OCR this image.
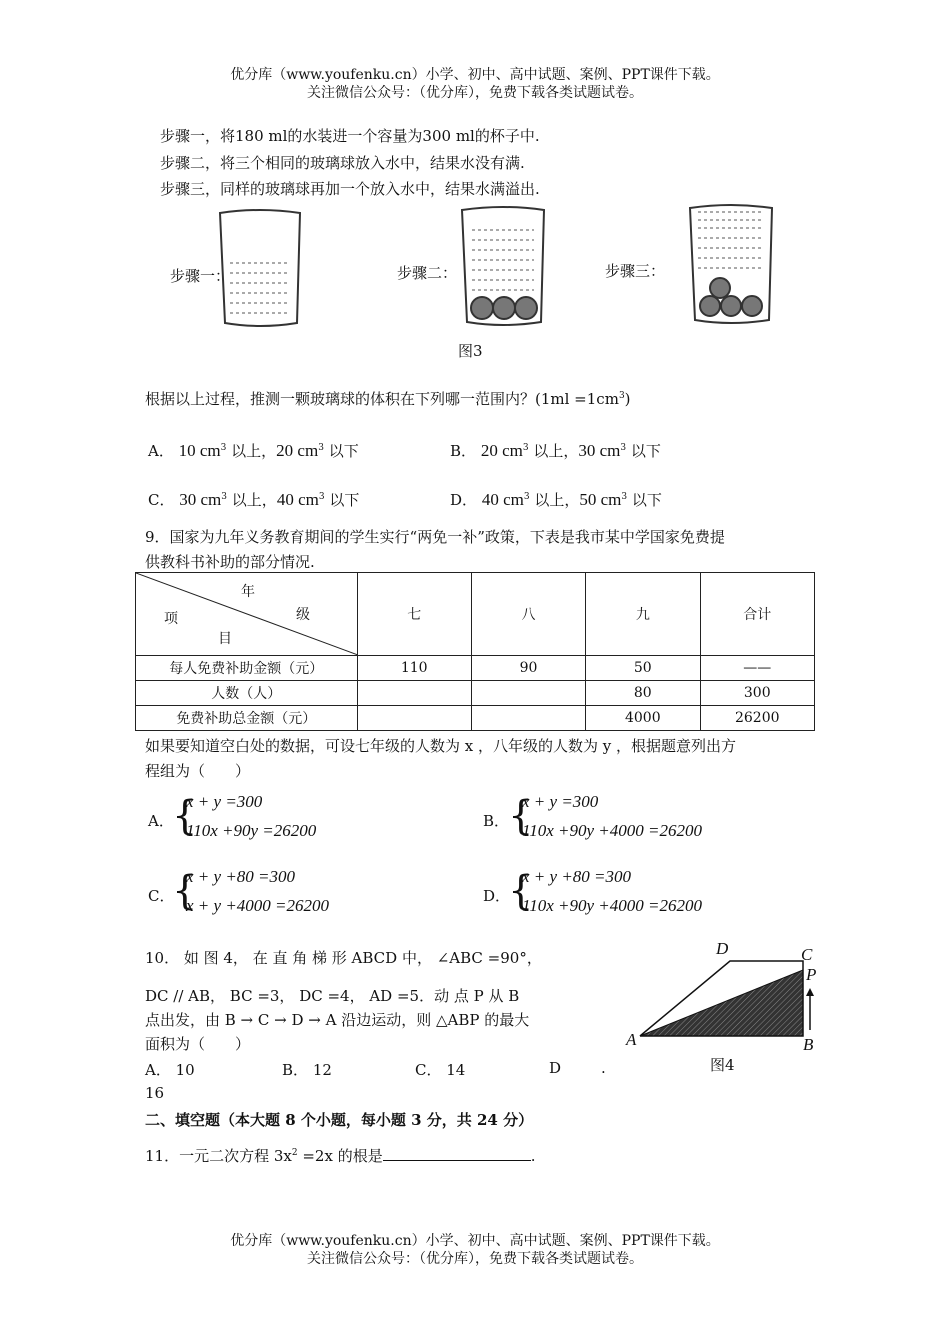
优分库（www.youfenku.cn）小学、初中、高中试题、案例、PPT课件下载。
关注微信公众号：（优分库），免费下载各类试题试卷。
步骤一，将180 ml的水装进一个容量为300 ml的杯子中.
步骤二，将三个相同的玻璃球放入水中，结果水没有满.
步骤三，同样的玻璃球再加一个放入水中，结果水满溢出.
步骤一：	步骤二：	步骤三：
图3
根据以上过程，推测一颗玻璃球的体积在下列哪一范围内？$(1ml =1cm^3)$
A． 10 $cm^3$ 以上，20 $cm^3$ 以下	B． 20 $cm^3$ 以上，30 $cm^3$ 以下
C． 30 $cm^3$ 以上，40 $cm^3$ 以下	D． 40 $cm^3$ 以上，50 $cm^3$ 以下
9．国家为九年义务教育期间的学生实行“两免一补”政策，下表是我市某中学国家免费提
供教科书补助的部分情况.
年
级
项
目	七	八	九	合计
每人免费补助金额（元）	110	90	50	——
人数（人）			80	300
免费补助总金额（元）			4000	26200
如果要知道空白处的数据，可设七年级的人数为 x ，八年级的人数为 y ，根据题意列出方
程组为（　　）
A．
{
x + y =300
110x +90y =26200	B．
{
x + y =300
110x +90y +4000 =26200
C．
{
x + y +80 =300
x + y +4000 =26200	D．
{
x + y +80 =300
110x +90y +4000 =26200
10． 如 图 4， 在 直 角 梯 形 ABCD 中， ∠ABC =90°，
DC // AB， BC =3， DC =4， AD =5．动 点 P 从 B
点出发，由 B → C → D → A 沿边运动，则 △ABP 的最大
面积为（　　）
A． 10	B． 12	C． 14	D	.
16
D	C
P
A	B
图4
二、填空题（本大题 8 个小题，每小题 3 分，共 24 分）
11．一元二次方程 $3x^2 =2x$ 的根是	.
优分库（www.youfenku.cn）小学、初中、高中试题、案例、PPT课件下载。
关注微信公众号：（优分库），免费下载各类试题试卷。
